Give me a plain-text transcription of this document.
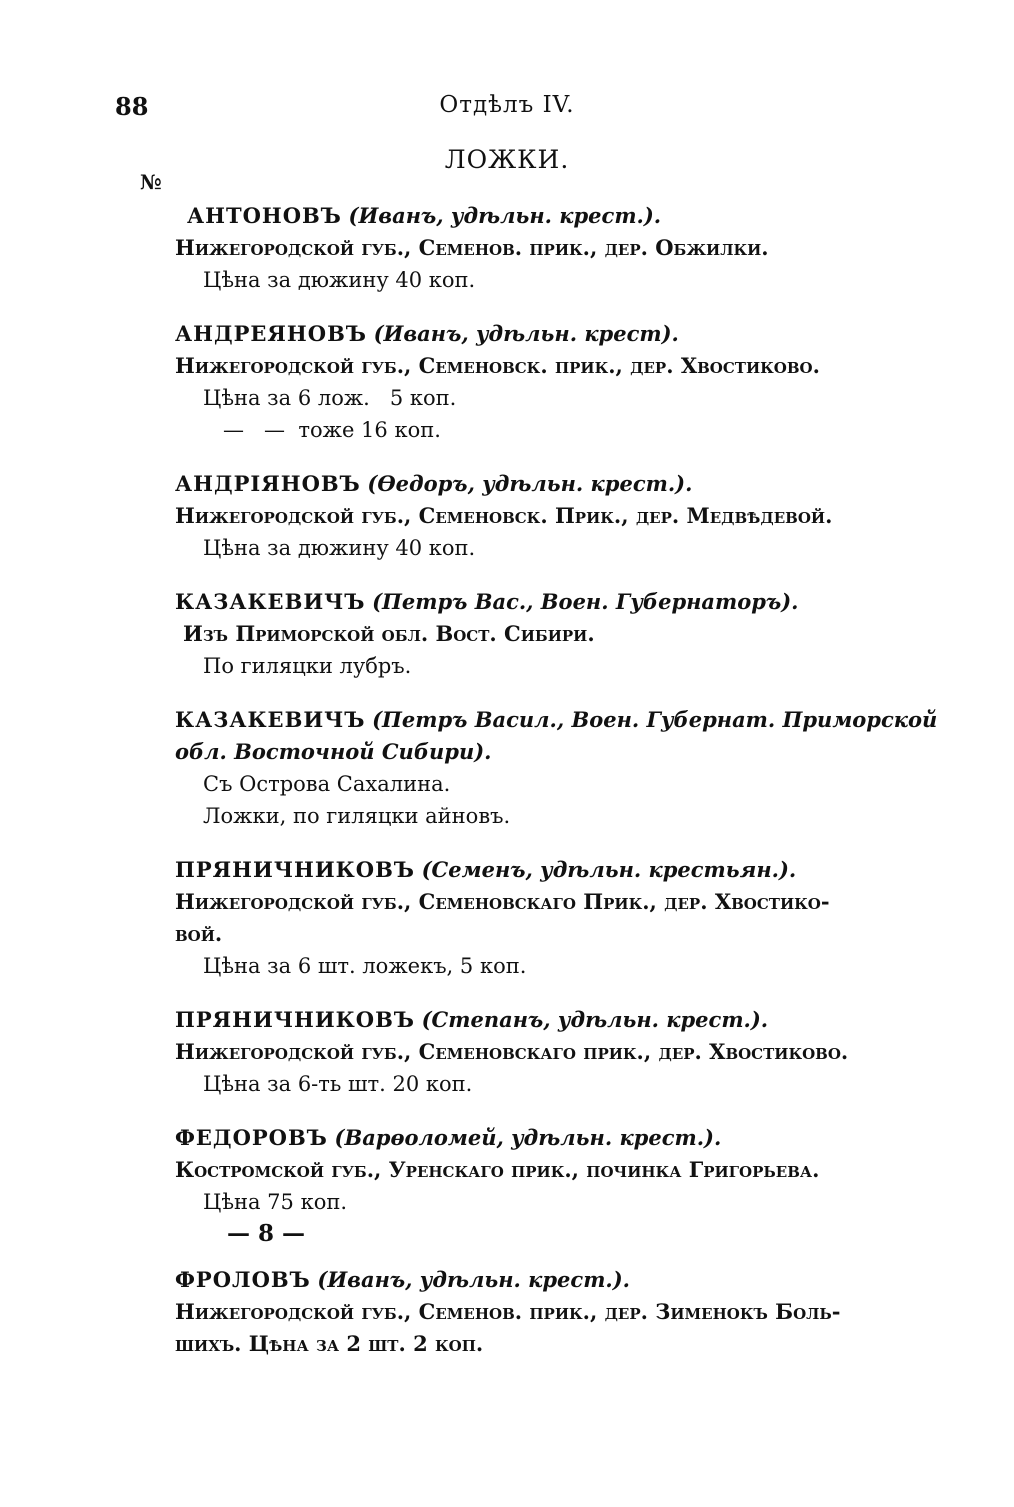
88	Отдѣлъ IV.
ЛОЖКИ.
№
АНТОНОВЪ (Иванъ, удѣльн. крест.).
Нижегородской губ., Семенов. прик., дер. Обжилки.
Цѣна за дюжину 40 коп.
АНДРЕЯНОВЪ (Иванъ, удѣльн. крест).
Нижегородской губ., Семеновск. прик., дер. Хвостиково.
Цѣна за 6 лож.   5 коп.
—   —  тоже 16 коп.
АНДРІЯНОВЪ (Өедоръ, удѣльн. крест.).
Нижегородской губ., Семеновск. Прик., дер. Медвѣдевой.
Цѣна за дюжину 40 коп.
КАЗАКЕВИЧЪ (Петръ Вас., Воен. Губернаторъ).
Изъ Приморской обл. Вост. Сибири.
По гиляцки лубръ.
КАЗАКЕВИЧЪ (Петръ Васил., Воен. Губернат. Приморской
обл. Восточной Сибири).
Съ Острова Сахалина.
Ложки, по гиляцки айновъ.
ПРЯНИЧНИКОВЪ (Семенъ, удѣльн. крестьян.).
Нижегородской губ., Семеновскаго Прик., дер. Хвостико-
вой.
Цѣна за 6 шт. ложекъ, 5 коп.
ПРЯНИЧНИКОВЪ (Степанъ, удѣльн. крест.).
Нижегородской губ., Семеновскаго прик., дер. Хвостиково.
Цѣна за 6-ть шт. 20 коп.
ФЕДОРОВЪ (Варөоломей, удѣльн. крест.).
Костромской губ., Уренскаго прик., починка Григорьева.
Цѣна 75 коп.
— 8 —
ФРОЛОВЪ (Иванъ, удѣльн. крест.).
Нижегородской губ., Семенов. прик., дер. Зименокъ Боль-
шихъ. Цѣна за 2 шт. 2 коп.
